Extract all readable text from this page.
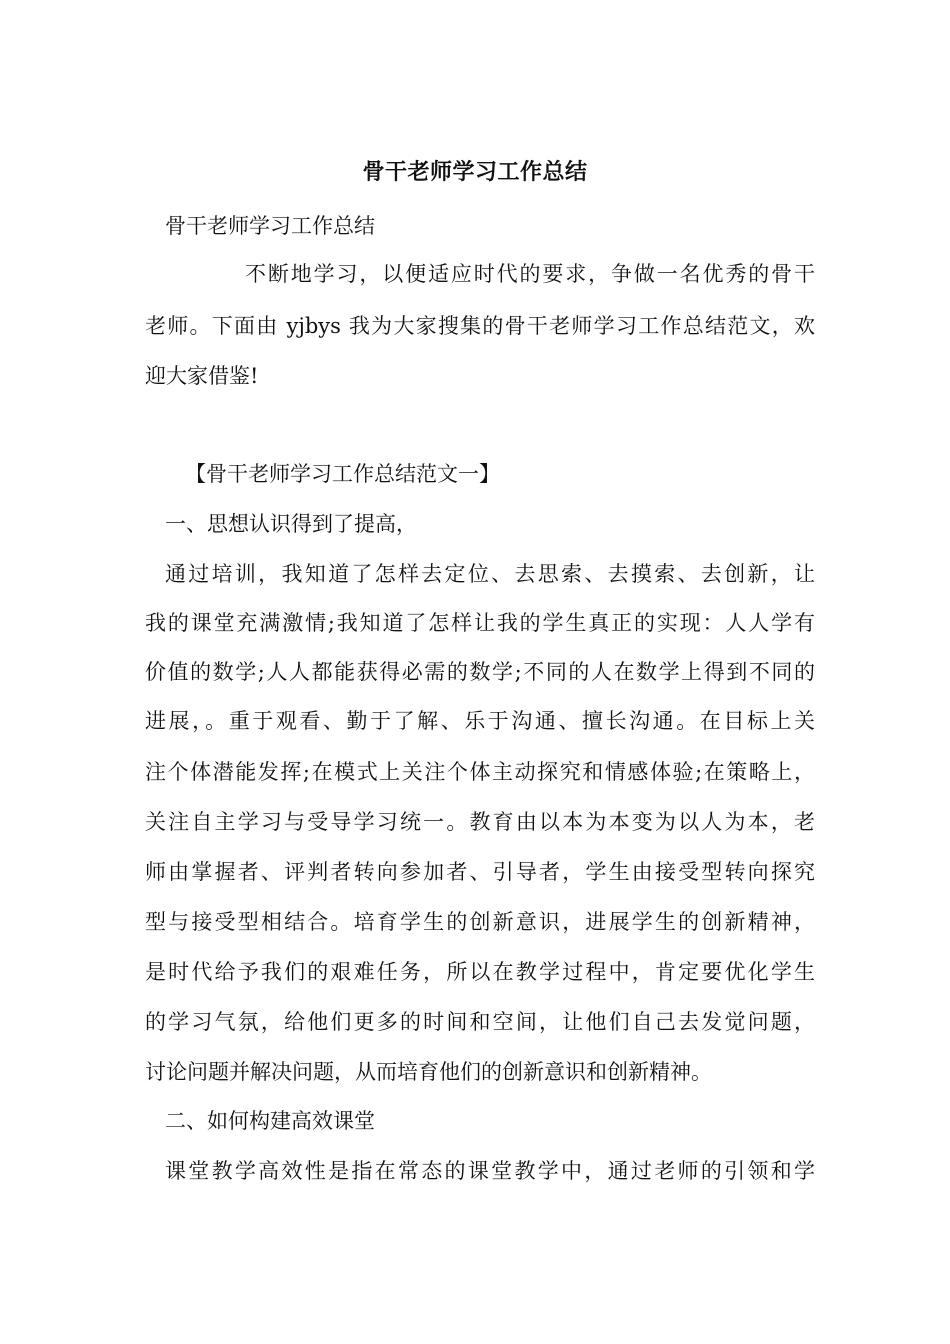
骨干老师学习工作总结
骨干老师学习工作总结
不断地学习，以便适应时代的要求，争做一名优秀的骨干
老师。下面由 yjbys 我为大家搜集的骨干老师学习工作总结范文，欢
迎大家借鉴!
【骨干老师学习工作总结范文一】
一、思想认识得到了提高，
通过培训，我知道了怎样去定位、去思索、去摸索、去创新，让
我的课堂充满激情;我知道了怎样让我的学生真正的实现：人人学有
价值的数学;人人都能获得必需的数学;不同的人在数学上得到不同的
进展，。重于观看、勤于了解、乐于沟通、擅长沟通。在目标上关
注个体潜能发挥;在模式上关注个体主动探究和情感体验;在策略上，
关注自主学习与受导学习统一。教育由以本为本变为以人为本，老
师由掌握者、评判者转向参加者、引导者，学生由接受型转向探究
型与接受型相结合。培育学生的创新意识，进展学生的创新精神，
是时代给予我们的艰难任务，所以在教学过程中，肯定要优化学生
的学习气氛，给他们更多的时间和空间，让他们自己去发觉问题，
讨论问题并解决问题，从而培育他们的创新意识和创新精神。
二、如何构建高效课堂
课堂教学高效性是指在常态的课堂教学中，通过老师的引领和学
